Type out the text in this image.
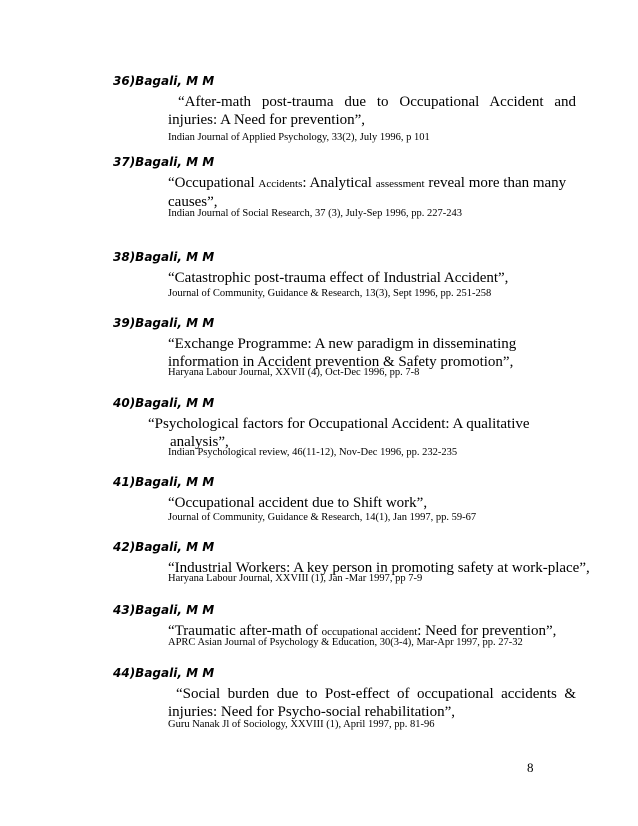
36)Bagali, M M
“After-math post-trauma due to Occupational Accident and injuries: A Need for prevention”,
Indian Journal of Applied Psychology, 33(2), July 1996, p 101
37)Bagali, M M
“Occupational Accidents: Analytical assessment reveal more than many causes”,
Indian Journal of Social Research, 37 (3), July-Sep 1996, pp. 227-243
38)Bagali, M M
“Catastrophic post-trauma effect of Industrial Accident”,
Journal of Community, Guidance & Research, 13(3), Sept 1996, pp. 251-258
39)Bagali, M M
“Exchange Programme: A new paradigm in disseminating information in Accident prevention & Safety promotion”,
Haryana Labour Journal, XXVII (4), Oct-Dec 1996, pp. 7-8
40)Bagali, M M
“Psychological factors for Occupational Accident: A qualitative analysis”,
Indian Psychological review, 46(11-12), Nov-Dec 1996, pp. 232-235
41)Bagali, M M
“Occupational accident due to Shift work”,
Journal of Community, Guidance & Research, 14(1), Jan 1997, pp. 59-67
42)Bagali, M M
“Industrial Workers: A key person in promoting safety at work-place”,
Haryana Labour Journal, XXVIII (1), Jan -Mar 1997, pp 7-9
43)Bagali, M M
“Traumatic after-math of occupational accident: Need for prevention”,
APRC Asian Journal of Psychology & Education, 30(3-4), Mar-Apr 1997, pp. 27-32
44)Bagali, M M
“Social burden due to Post-effect of occupational accidents & injuries: Need for Psycho-social rehabilitation”,
Guru Nanak Jl of Sociology, XXVIII (1), April 1997, pp. 81-96
8
